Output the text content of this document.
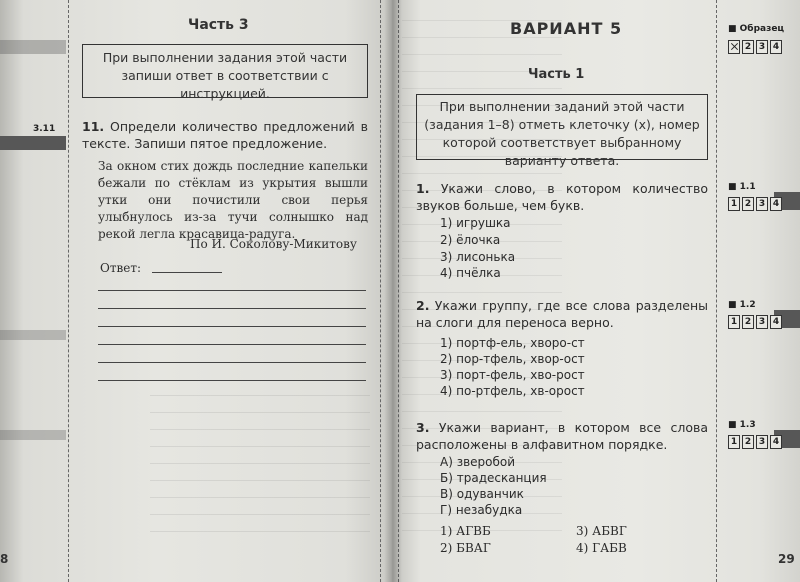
3.11
Часть 3
При выполнении задания этой части запиши ответ в соответствии с инструкцией.
11. Определи количество предложений в тексте. Запиши пятое предложение.
За окном стих дождь последние капельки бежали по стёклам из укрытия вышли утки они почистили свои перья улыбнулось из-за тучи солнышко над рекой легла красавица-радуга.
По И. Соколову-Микитову
Ответ:
8
ВАРИАНТ 5
Часть 1
При выполнении заданий этой части (задания 1–8) отметь клеточку (x), номер которой соответствует выбранному варианту ответа.
■ Образец
2 3 4
1. Укажи слово, в котором количество звуков больше, чем букв.
1) игрушка
2) ёлочка
3) лисонька
4) пчёлка
■ 1.1
1 2 3 4
2. Укажи группу, где все слова разделены на слоги для переноса верно.
1) портф-ель, хворо-ст
2) пор-тфель, хвор-ост
3) порт-фель, хво-рост
4) по-ртфель, хв-орост
■ 1.2
1 2 3 4
3. Укажи вариант, в котором все слова расположены в алфавитном порядке.
А) зверобой
Б) традесканция
В) одуванчик
Г) незабудка
1) АГВБ
2) БВАГ
3) АБВГ
4) ГАБВ
■ 1.3
1 2 3 4
29
